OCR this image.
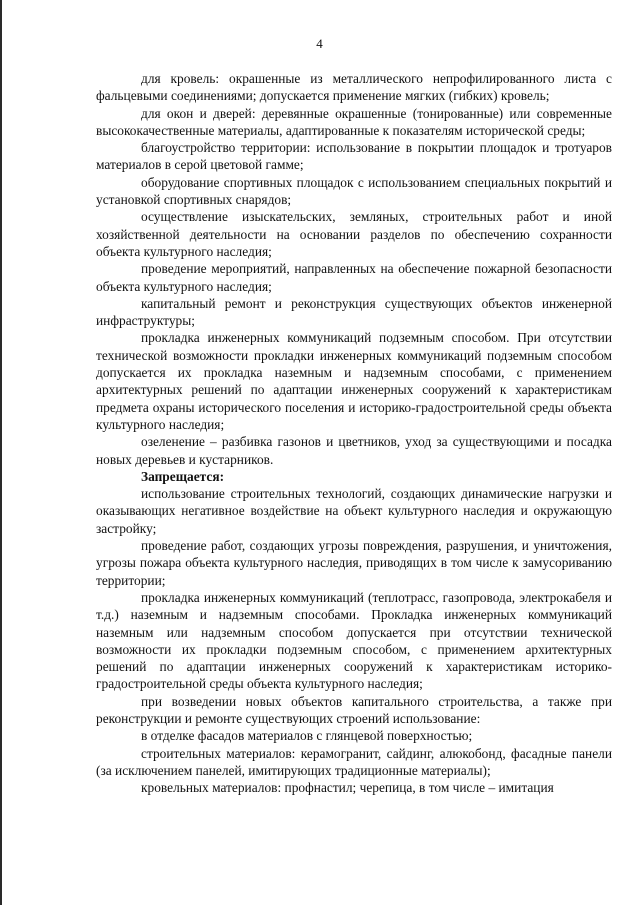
4

для кровель: окрашенные из металлического непрофилированного листа с фальцевыми соединениями; допускается применение мягких (гибких) кровель;

для окон и дверей: деревянные окрашенные (тонированные) или современные высококачественные материалы, адаптированные к показателям исторической среды;

благоустройство территории: использование в покрытии площадок и тротуаров материалов в серой цветовой гамме;

оборудование спортивных площадок с использованием специальных покрытий и установкой спортивных снарядов;

осуществление изыскательских, земляных, строительных работ и иной хозяйственной деятельности на основании разделов по обеспечению сохранности объекта культурного наследия;

проведение мероприятий, направленных на обеспечение пожарной безопасности объекта культурного наследия;

капитальный ремонт и реконструкция существующих объектов инженерной инфраструктуры;

прокладка инженерных коммуникаций подземным способом. При отсутствии технической возможности прокладки инженерных коммуникаций подземным способом допускается их прокладка наземным и надземным способами, с применением архитектурных решений по адаптации инженерных сооружений к характеристикам предмета охраны исторического поселения и историко-градостроительной среды объекта культурного наследия;

озеленение – разбивка газонов и цветников, уход за существующими и посадка новых деревьев и кустарников.

Запрещается:

использование строительных технологий, создающих динамические нагрузки и оказывающих негативное воздействие на объект культурного наследия и окружающую застройку;

проведение работ, создающих угрозы повреждения, разрушения, и уничтожения, угрозы пожара объекта культурного наследия, приводящих в том числе к замусориванию территории;

прокладка инженерных коммуникаций (теплотрасс, газопровода, электрокабеля и т.д.) наземным и надземным способами. Прокладка инженерных коммуникаций наземным или надземным способом допускается при отсутствии технической возможности их прокладки подземным способом, с применением архитектурных решений по адаптации инженерных сооружений к характеристикам историко-градостроительной среды объекта культурного наследия;

при возведении новых объектов капитального строительства, а также при реконструкции и ремонте существующих строений использование:

в отделке фасадов материалов с глянцевой поверхностью;

строительных материалов: керамогранит, сайдинг, алюкобонд, фасадные панели (за исключением панелей, имитирующих традиционные материалы);

кровельных материалов: профнастил; черепица, в том числе – имитация
